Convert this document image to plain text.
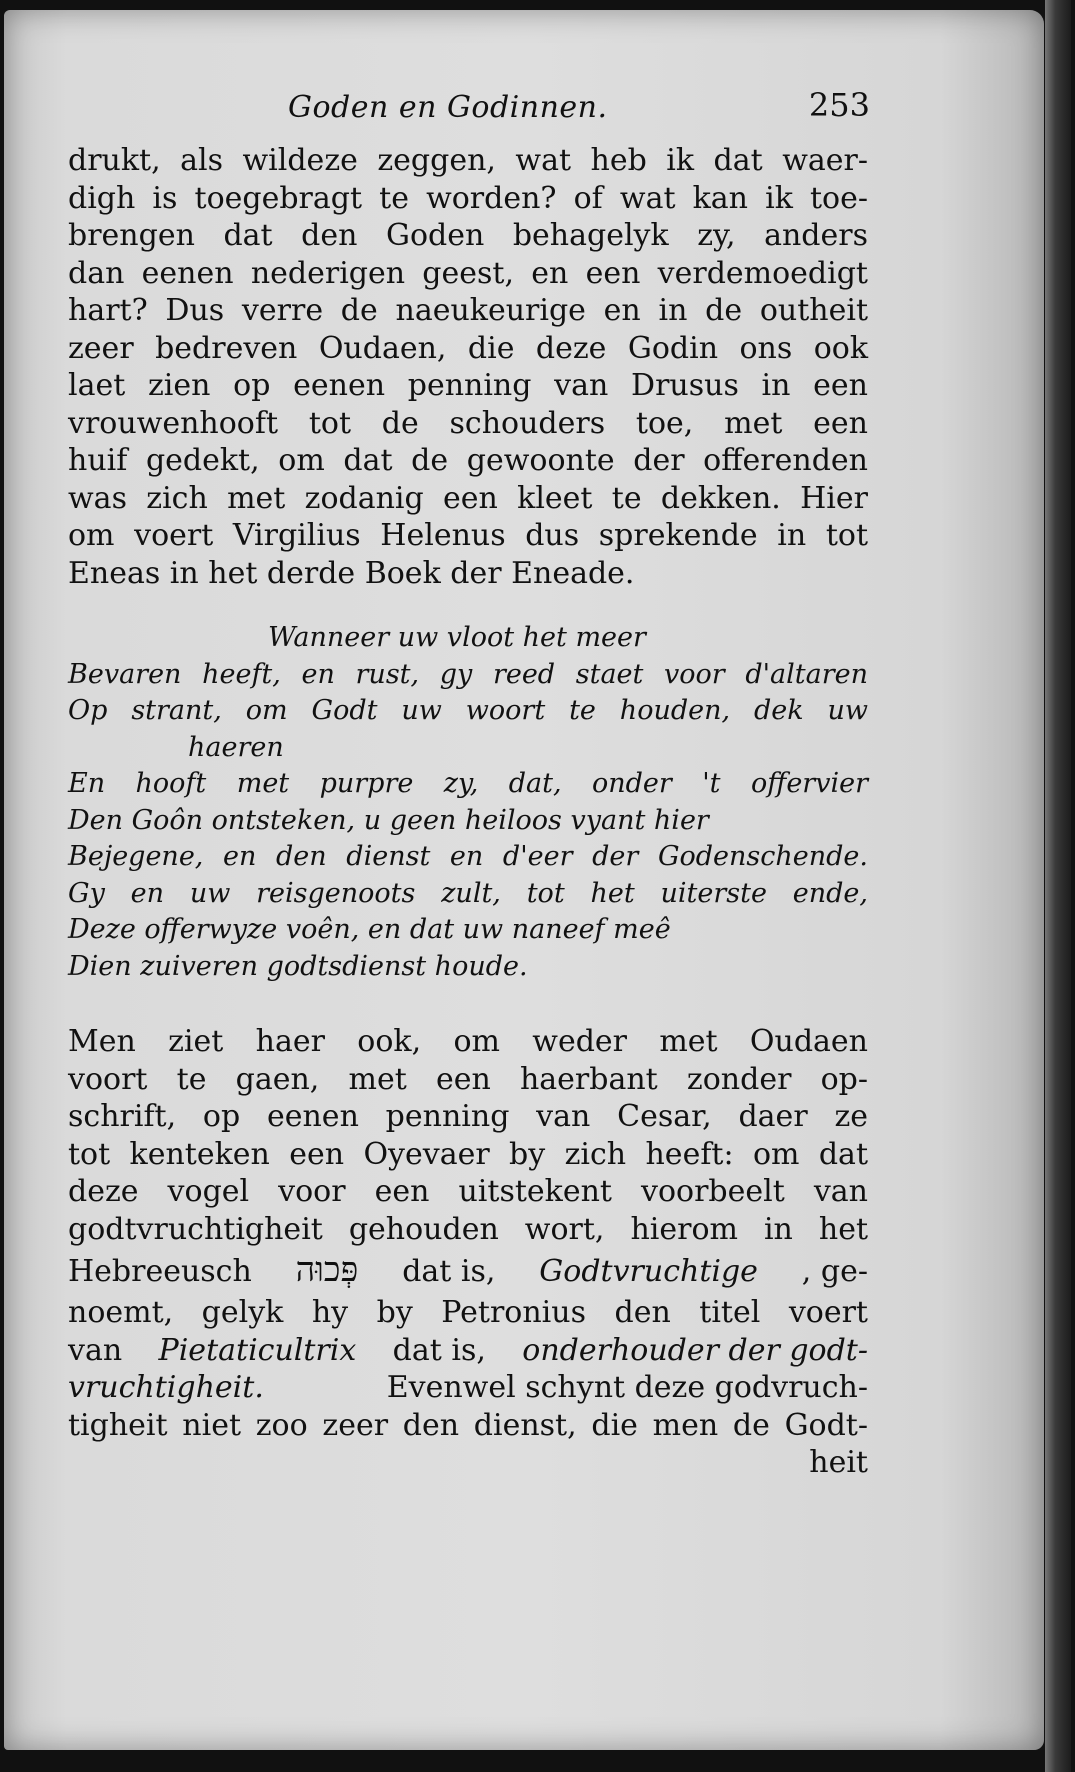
Goden en Godinnen.	253
drukt, als wildeze zeggen, wat heb ik dat waer-
digh is toegebragt te worden? of wat kan ik toe-
brengen dat den Goden behagelyk zy, anders
dan eenen nederigen geest, en een verdemoedigt
hart? Dus verre de naeukeurige en in de outheit
zeer bedreven Oudaen, die deze Godin ons ook
laet zien op eenen penning van Drusus in een
vrouwenhooft tot de schouders toe, met een
huif gedekt, om dat de gewoonte der offerenden
was zich met zodanig een kleet te dekken. Hier
om voert Virgilius Helenus dus sprekende in tot
Eneas in het derde Boek der Eneade.
Wanneer uw vloot het meer
Bevaren heeft, en rust, gy reed staet voor d'altaren
Op strant, om Godt uw woort te houden, dek uw
haeren
En hooft met purpre zy, dat, onder 't offervier
Den Goôn ontsteken, u geen heiloos vyant hier
Bejegene, en den dienst en d'eer der Godenschende.
Gy en uw reisgenoots zult, tot het uiterste ende,
Deze offerwyze voên, en dat uw naneef meê
Dien zuiveren godtsdienst houde.
Men ziet haer ook, om weder met Oudaen
voort te gaen, met een haerbant zonder op-
schrift, op eenen penning van Cesar, daer ze
tot kenteken een Oyevaer by zich heeft: om dat
deze vogel voor een uitstekent voorbeelt van
godtvruchtigheit gehouden wort, hierom in het
Hebreeusch פְּכוּה dat is, Godtvruchtige , ge-
noemt, gelyk hy by Petronius den titel voert
van Pietaticultrix dat is, onderhouder der godt-
vruchtigheit.	Evenwel schynt deze godvruch-
tigheit niet zoo zeer den dienst, die men de Godt-
heit
